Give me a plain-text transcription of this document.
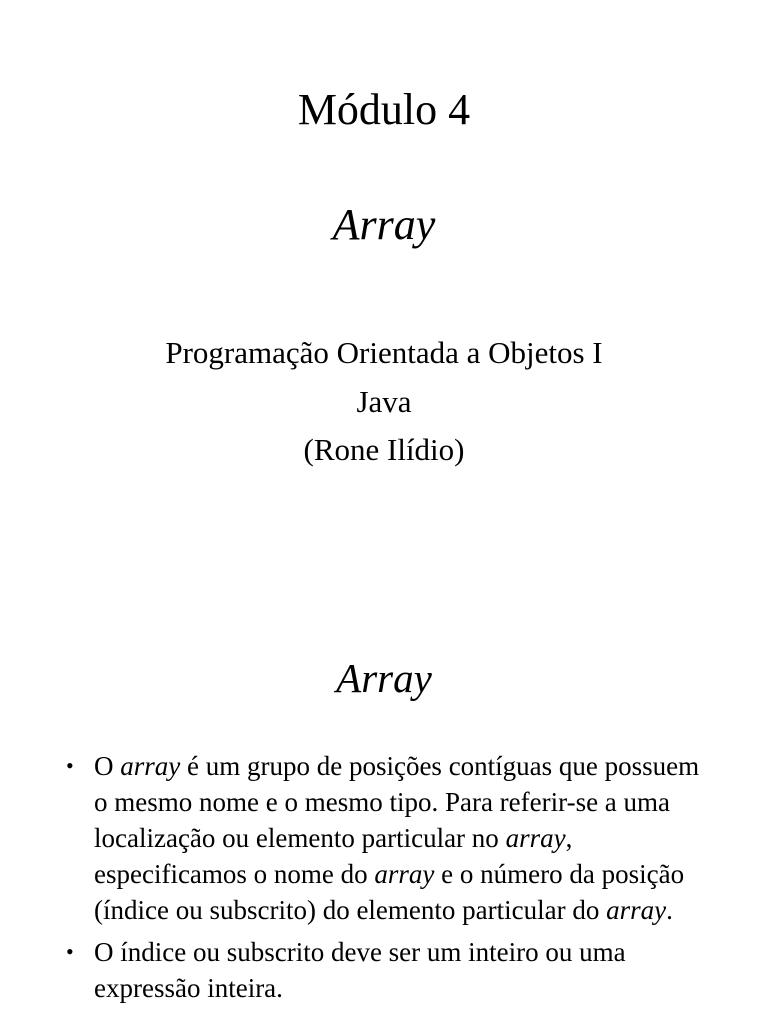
Módulo 4
Array
Programação Orientada a Objetos I
Java
(Rone Ilídio)
Array
• O array é um grupo de posições contíguas que possuem o mesmo nome e o mesmo tipo. Para referir-se a uma localização ou elemento particular no array, especificamos o nome do array e o número da posição (índice ou subscrito) do elemento particular do array.
• O índice ou subscrito deve ser um inteiro ou uma expressão inteira.
